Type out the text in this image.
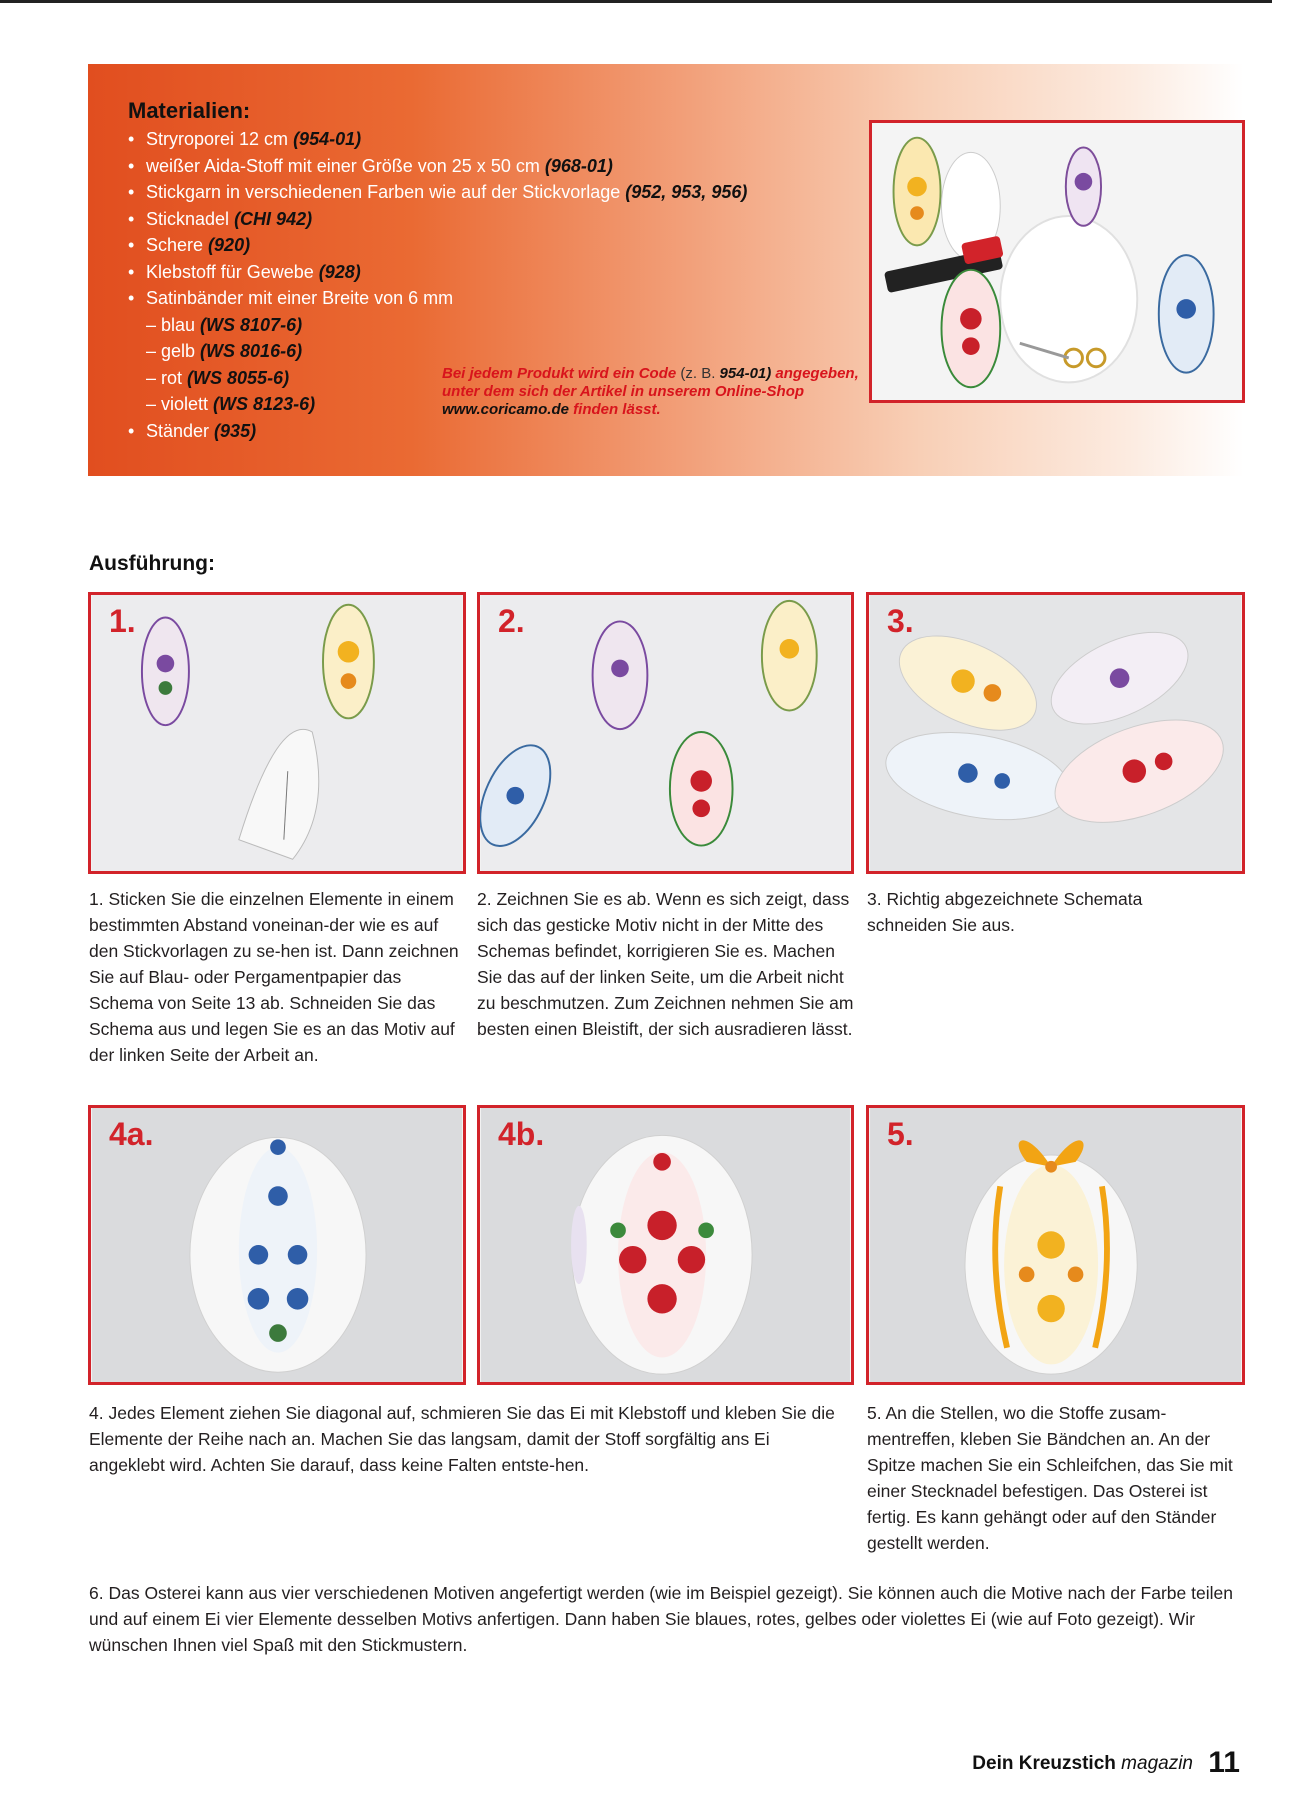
Materialien:
• Stryroporei 12 cm (954-01)
• weißer Aida-Stoff mit einer Größe von 25 x 50 cm (968-01)
• Stickgarn in verschiedenen Farben wie auf der Stickvorlage (952, 953, 956)
• Sticknadel (CHI 942)
• Schere (920)
• Klebstoff für Gewebe (928)
• Satinbänder mit einer Breite von 6 mm
– blau (WS 8107-6)
– gelb (WS 8016-6)
– rot (WS 8055-6)
– violett (WS 8123-6)
• Ständer (935)
Bei jedem Produkt wird ein Code (z. B. 954-01) angegeben, unter dem sich der Artikel in unserem Online-Shop www.coricamo.de finden lässt.
Ausführung:
1.	2.	3.
1. Sticken Sie die einzelnen Elemente in einem bestimmten Abstand voneinan-der wie es auf den Stickvorlagen zu se-hen ist. Dann zeichnen Sie auf Blau- oder Pergamentpapier das Schema von Seite 13 ab. Schneiden Sie das Schema aus und legen Sie es an das Motiv auf der linken Seite der Arbeit an.
2. Zeichnen Sie es ab. Wenn es sich zeigt, dass sich das gesticke Motiv nicht in der Mitte des Schemas befindet, korrigieren Sie es. Machen Sie das auf der linken Seite, um die Arbeit nicht zu beschmutzen. Zum Zeichnen nehmen Sie am besten einen Bleistift, der sich ausradieren lässt.
3. Richtig abgezeichnete Schemata schneiden Sie aus.
4a.	4b.	5.
4. Jedes Element ziehen Sie diagonal auf, schmieren Sie das Ei mit Klebstoff und kleben Sie die Elemente der Reihe nach an. Machen Sie das langsam, damit der Stoff sorgfältig ans Ei angeklebt wird. Achten Sie darauf, dass keine Falten entste-hen.
5. An die Stellen, wo die Stoffe zusam-mentreffen, kleben Sie Bändchen an. An der Spitze machen Sie ein Schleifchen, das Sie mit einer Stecknadel befestigen. Das Osterei ist fertig. Es kann gehängt oder auf den Ständer gestellt werden.
6. Das Osterei kann aus vier verschiedenen Motiven angefertigt werden (wie im Beispiel gezeigt). Sie können auch die Motive nach der Farbe teilen und auf einem Ei vier Elemente desselben Motivs anfertigen. Dann haben Sie blaues, rotes, gelbes oder violettes Ei (wie auf Foto gezeigt). Wir wünschen Ihnen viel Spaß mit den Stickmustern.
Dein Kreuzstich magazin 11
